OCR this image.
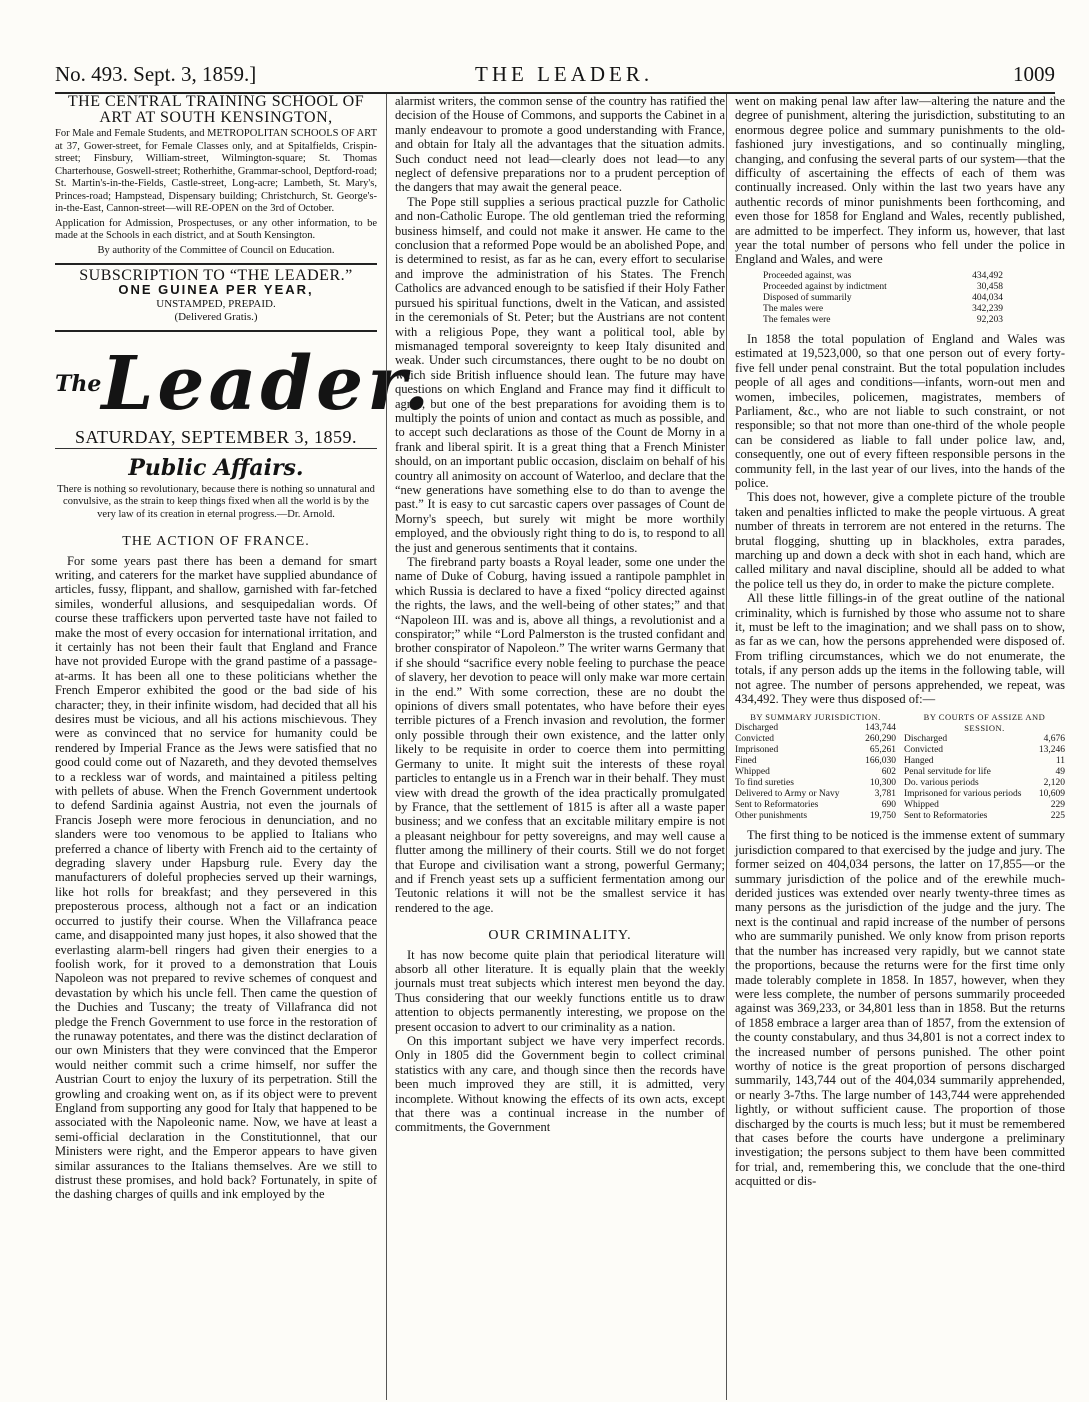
No. 493. Sept. 3, 1859.]	THE LEADER.	1009

THE CENTRAL TRAINING SCHOOL OF ART AT SOUTH KENSINGTON,

For Male and Female Students, and METROPOLITAN SCHOOLS OF ART at 37, Gower-street, for Female Classes only, and at Spitalfields, Crispin-street; Finsbury, William-street, Wilmington-square; St. Thomas Charterhouse, Goswell-street; Rotherhithe, Grammar-school, Deptford-road; St. Martin's-in-the-Fields, Castle-street, Long-acre; Lambeth, St. Mary's, Princes-road; Hampstead, Dispensary building; Christchurch, St. George's-in-the-East, Cannon-street—will RE-OPEN on the 3rd of October.

Application for Admission, Prospectuses, or any other information, to be made at the Schools in each district, and at South Kensington.

By authority of the Committee of Council on Education.

SUBSCRIPTION TO “THE LEADER.”

ONE GUINEA PER YEAR,

UNSTAMPED, PREPAID.

(Delivered Gratis.)

$^{The}$Leader.

SATURDAY, SEPTEMBER 3, 1859.

Public Affairs.

There is nothing so revolutionary, because there is nothing so unnatural and convulsive, as the strain to keep things fixed when all the world is by the very law of its creation in eternal progress.—Dr. Arnold.

THE ACTION OF FRANCE.

For some years past there has been a demand for smart writing, and caterers for the market have supplied abundance of articles, fussy, flippant, and shallow, garnished with far-fetched similes, wonderful allusions, and sesquipedalian words. Of course these traffickers upon perverted taste have not failed to make the most of every occasion for international irritation, and it certainly has not been their fault that England and France have not provided Europe with the grand pastime of a passage-at-arms. It has been all one to these politicians whether the French Emperor exhibited the good or the bad side of his character; they, in their infinite wisdom, had decided that all his desires must be vicious, and all his actions mischievous. They were as convinced that no service for humanity could be rendered by Imperial France as the Jews were satisfied that no good could come out of Nazareth, and they devoted themselves to a reckless war of words, and maintained a pitiless pelting with pellets of abuse. When the French Government undertook to defend Sardinia against Austria, not even the journals of Francis Joseph were more ferocious in denunciation, and no slanders were too venomous to be applied to Italians who preferred a chance of liberty with French aid to the certainty of degrading slavery under Hapsburg rule. Every day the manufacturers of doleful prophecies served up their warnings, like hot rolls for breakfast; and they persevered in this preposterous process, although not a fact or an indication occurred to justify their course. When the Villafranca peace came, and disappointed many just hopes, it also showed that the everlasting alarm-bell ringers had given their energies to a foolish work, for it proved to a demonstration that Louis Napoleon was not prepared to revive schemes of conquest and devastation by which his uncle fell. Then came the question of the Duchies and Tuscany; the treaty of Villafranca did not pledge the French Government to use force in the restoration of the runaway potentates, and there was the distinct declaration of our own Ministers that they were convinced that the Emperor would neither commit such a crime himself, nor suffer the Austrian Court to enjoy the luxury of its perpetration. Still the growling and croaking went on, as if its object were to prevent England from supporting any good for Italy that happened to be associated with the Napoleonic name. Now, we have at least a semi-official declaration in the Constitutionnel, that our Ministers were right, and the Emperor appears to have given similar assurances to the Italians themselves. Are we still to distrust these promises, and hold back? Fortunately, in spite of the dashing charges of quills and ink employed by the

alarmist writers, the common sense of the country has ratified the decision of the House of Commons, and supports the Cabinet in a manly endeavour to promote a good understanding with France, and obtain for Italy all the advantages that the situation admits. Such conduct need not lead—clearly does not lead—to any neglect of defensive preparations nor to a prudent perception of the dangers that may await the general peace.

The Pope still supplies a serious practical puzzle for Catholic and non-Catholic Europe. The old gentleman tried the reforming business himself, and could not make it answer. He came to the conclusion that a reformed Pope would be an abolished Pope, and is determined to resist, as far as he can, every effort to secularise and improve the administration of his States. The French Catholics are advanced enough to be satisfied if their Holy Father pursued his spiritual functions, dwelt in the Vatican, and assisted in the ceremonials of St. Peter; but the Austrians are not content with a religious Pope, they want a political tool, able by mismanaged temporal sovereignty to keep Italy disunited and weak. Under such circumstances, there ought to be no doubt on which side British influence should lean. The future may have questions on which England and France may find it difficult to agree, but one of the best preparations for avoiding them is to multiply the points of union and contact as much as possible, and to accept such declarations as those of the Count de Morny in a frank and liberal spirit. It is a great thing that a French Minister should, on an important public occasion, disclaim on behalf of his country all animosity on account of Waterloo, and declare that the “new generations have something else to do than to avenge the past.” It is easy to cut sarcastic capers over passages of Count de Morny's speech, but surely wit might be more worthily employed, and the obviously right thing to do is, to respond to all the just and generous sentiments that it contains.

The firebrand party boasts a Royal leader, some one under the name of Duke of Coburg, having issued a rantipole pamphlet in which Russia is declared to have a fixed “policy directed against the rights, the laws, and the well-being of other states;” and that “Napoleon III. was and is, above all things, a revolutionist and a conspirator;” while “Lord Palmerston is the trusted confidant and brother conspirator of Napoleon.” The writer warns Germany that if she should “sacrifice every noble feeling to purchase the peace of slavery, her devotion to peace will only make war more certain in the end.” With some correction, these are no doubt the opinions of divers small potentates, who have before their eyes terrible pictures of a French invasion and revolution, the former only possible through their own existence, and the latter only likely to be requisite in order to coerce them into permitting Germany to unite. It might suit the interests of these royal particles to entangle us in a French war in their behalf. They must view with dread the growth of the idea practically promulgated by France, that the settlement of 1815 is after all a waste paper business; and we confess that an excitable military empire is not a pleasant neighbour for petty sovereigns, and may well cause a flutter among the millinery of their courts. Still we do not forget that Europe and civilisation want a strong, powerful Germany; and if French yeast sets up a sufficient fermentation among our Teutonic relations it will not be the smallest service it has rendered to the age.

OUR CRIMINALITY.

It has now become quite plain that periodical literature will absorb all other literature. It is equally plain that the weekly journals must treat subjects which interest men beyond the day. Thus considering that our weekly functions entitle us to draw attention to objects permanently interesting, we propose on the present occasion to advert to our criminality as a nation.

On this important subject we have very imperfect records. Only in 1805 did the Government begin to collect criminal statistics with any care, and though since then the records have been much improved they are still, it is admitted, very incomplete. Without knowing the effects of its own acts, except that there was a continual increase in the number of commitments, the Government

went on making penal law after law—altering the nature and the degree of punishment, altering the jurisdiction, substituting to an enormous degree police and summary punishments to the old-fashioned jury investigations, and so continually mingling, changing, and confusing the several parts of our system—that the difficulty of ascertaining the effects of each of them was continually increased. Only within the last two years have any authentic records of minor punishments been forthcoming, and even those for 1858 for England and Wales, recently published, are admitted to be imperfect. They inform us, however, that last year the total number of persons who fell under the police in England and Wales, and were

Proceeded against, was	434,492
Proceeded against by indictment	30,458
Disposed of summarily	404,034
The males were	342,239
The females were	92,203

In 1858 the total population of England and Wales was estimated at 19,523,000, so that one person out of every forty-five fell under penal constraint. But the total population includes people of all ages and conditions—infants, worn-out men and women, imbeciles, policemen, magistrates, members of Parliament, &c., who are not liable to such constraint, or not responsible; so that not more than one-third of the whole people can be considered as liable to fall under police law, and, consequently, one out of every fifteen responsible persons in the community fell, in the last year of our lives, into the hands of the police.

This does not, however, give a complete picture of the trouble taken and penalties inflicted to make the people virtuous. A great number of threats in terrorem are not entered in the returns. The brutal flogging, shutting up in blackholes, extra parades, marching up and down a deck with shot in each hand, which are called military and naval discipline, should all be added to what the police tell us they do, in order to make the picture complete.

All these little fillings-in of the great outline of the national criminality, which is furnished by those who assume not to share it, must be left to the imagination; and we shall pass on to show, as far as we can, how the persons apprehended were disposed of. From trifling circumstances, which we do not enumerate, the totals, if any person adds up the items in the following table, will not agree. The number of persons apprehended, we repeat, was 434,492. They were thus disposed of:—

BY SUMMARY JURISDICTION.
Discharged	143,744
Convicted	260,290
Imprisoned	65,261
Fined	166,030
Whipped	602
To find sureties	10,300
Delivered to Army or Navy	3,781
Sent to Reformatories	690
Other punishments	19,750
BY COURTS OF ASSIZE AND SESSION.
Discharged	4,676
Convicted	13,246
Hanged	11
Penal servitude for life	49
Do. various periods	2,120
Imprisoned for various periods 10,609
Whipped	229
Sent to Reformatories	225

The first thing to be noticed is the immense extent of summary jurisdiction compared to that exercised by the judge and jury. The former seized on 404,034 persons, the latter on 17,855—or the summary jurisdiction of the police and of the erewhile much-derided justices was extended over nearly twenty-three times as many persons as the jurisdiction of the judge and the jury. The next is the continual and rapid increase of the number of persons who are summarily punished. We only know from prison reports that the number has increased very rapidly, but we cannot state the proportions, because the returns were for the first time only made tolerably complete in 1858. In 1857, however, when they were less complete, the number of persons summarily proceeded against was 369,233, or 34,801 less than in 1858. But the returns of 1858 embrace a larger area than of 1857, from the extension of the county constabulary, and thus 34,801 is not a correct index to the increased number of persons punished. The other point worthy of notice is the great proportion of persons discharged summarily, 143,744 out of the 404,034 summarily apprehended, or nearly 3-7ths. The large number of 143,744 were apprehended lightly, or without sufficient cause. The proportion of those discharged by the courts is much less; but it must be remembered that cases before the courts have undergone a preliminary investigation; the persons subject to them have been committed for trial, and, remembering this, we conclude that the one-third acquitted or dis-
